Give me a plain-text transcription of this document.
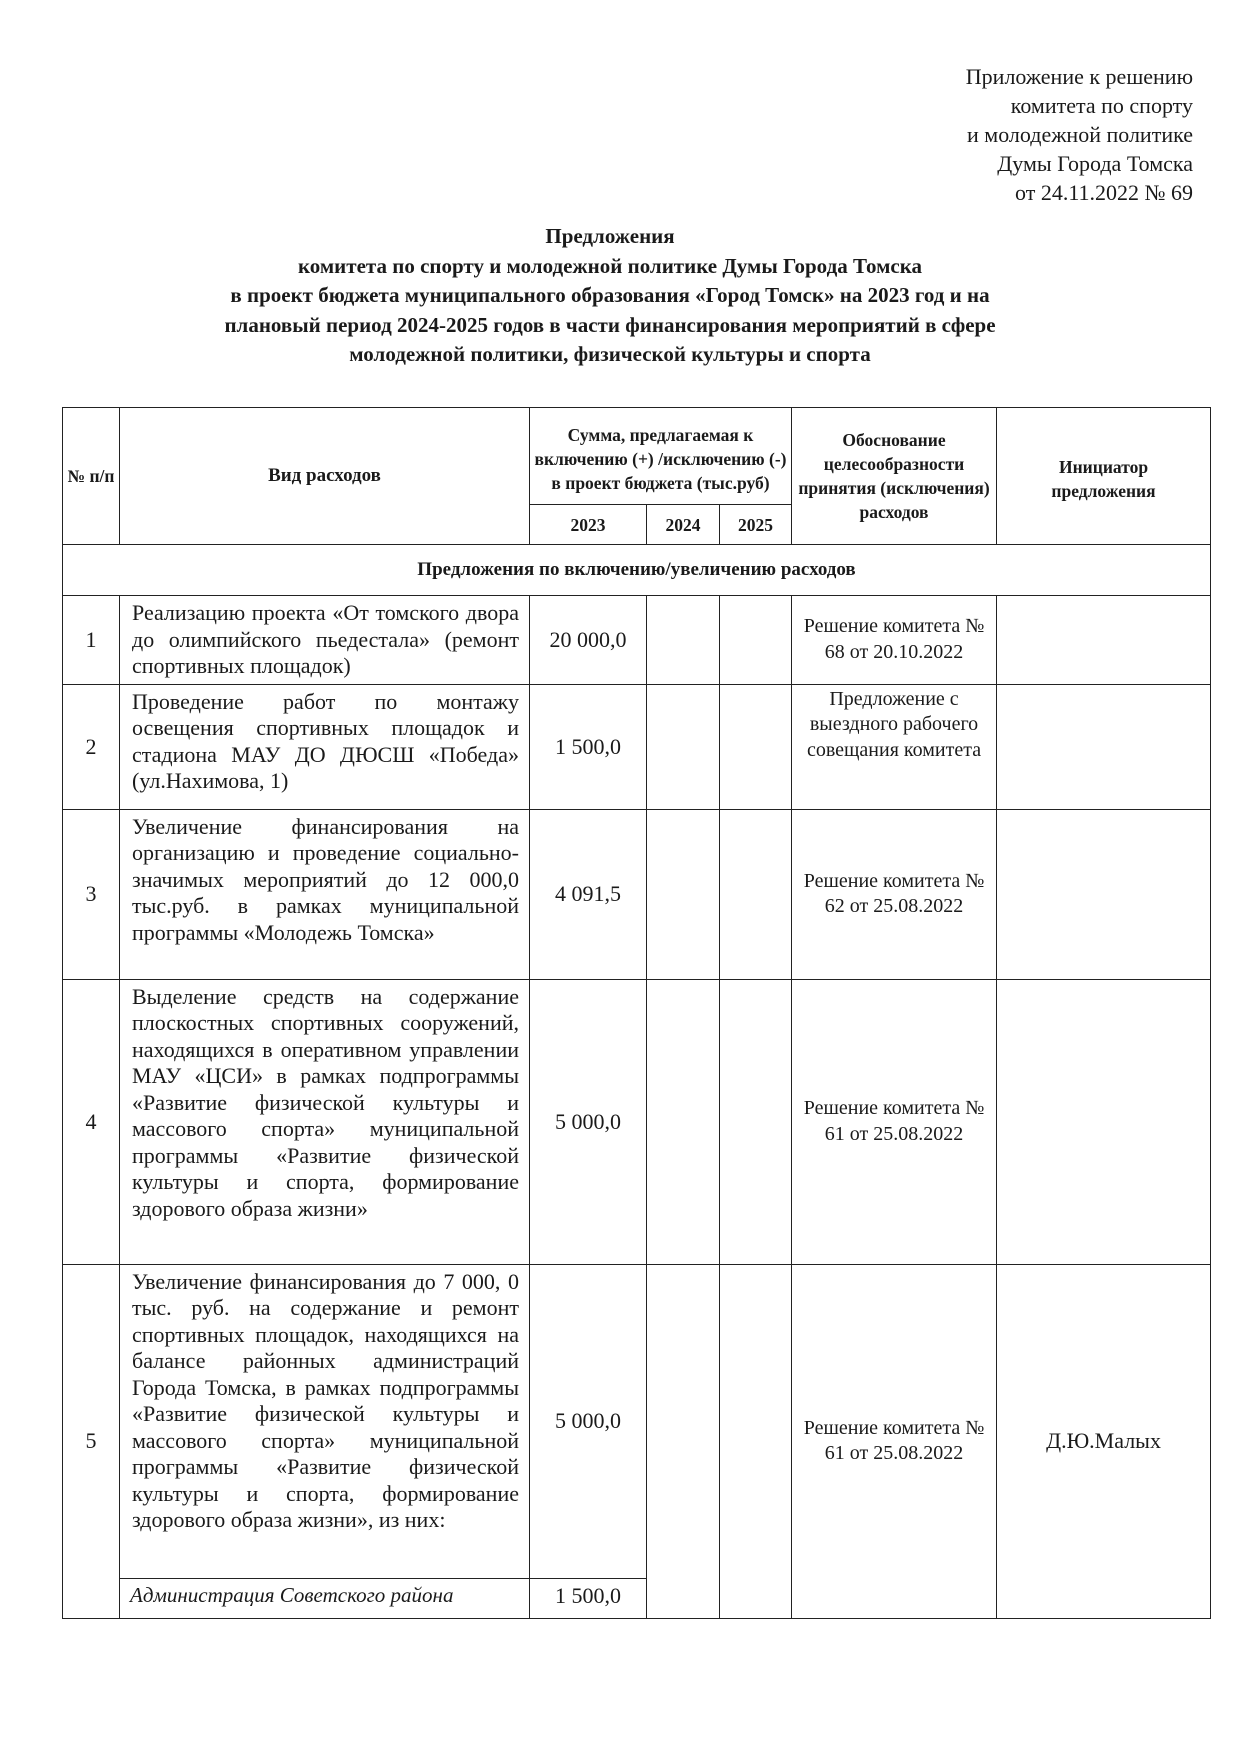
Приложение к решению
комитета по спорту
и молодежной политике
Думы Города Томска
от 24.11.2022 № 69
Предложения
комитета по спорту и молодежной политике Думы Города Томска
в проект бюджета муниципального образования «Город Томск» на 2023 год и на
плановый период 2024-2025 годов в части финансирования мероприятий в сфере
молодежной политики, физической культуры и спорта
№ п/п	Вид расходов	Сумма, предлагаемая к включению (+) /исключению (-) в проект бюджета (тыс.руб)			Обоснование целесообразности принятия (исключения) расходов	Инициатор предложения
		2023	2024	2025		
Предложения по включению/увеличению расходов						
1	Реализацию проекта «От томского двора до олимпийского пьедестала» (ремонт спортивных площадок)	20 000,0			Решение комитета № 68 от 20.10.2022	
2	Проведение работ по монтажу освещения спортивных площадок и стадиона МАУ ДО ДЮСШ «Победа» (ул.Нахимова, 1)	1 500,0			Предложение с выездного рабочего совещания комитета	
3	Увеличение финансирования на организацию и проведение социально-значимых мероприятий до 12 000,0 тыс.руб. в рамках муниципальной программы «Молодежь Томска»	4 091,5			Решение комитета № 62 от 25.08.2022	
4	Выделение средств на содержание плоскостных спортивных сооружений, находящихся в оперативном управлении МАУ «ЦСИ» в рамках подпрограммы «Развитие физической культуры и массового спорта» муниципальной программы «Развитие физической культуры и спорта, формирование здорового образа жизни»	5 000,0			Решение комитета № 61 от 25.08.2022	
5	Увеличение финансирования до 7 000, 0 тыс. руб. на содержание и ремонт спортивных площадок, находящихся на балансе районных администраций Города Томска, в рамках подпрограммы «Развитие физической культуры и массового спорта» муниципальной программы «Развитие физической культуры и спорта, формирование здорового образа жизни», из них:	5 000,0			Решение комитета № 61 от 25.08.2022	Д.Ю.Малых
	Администрация Советского района	1 500,0				
